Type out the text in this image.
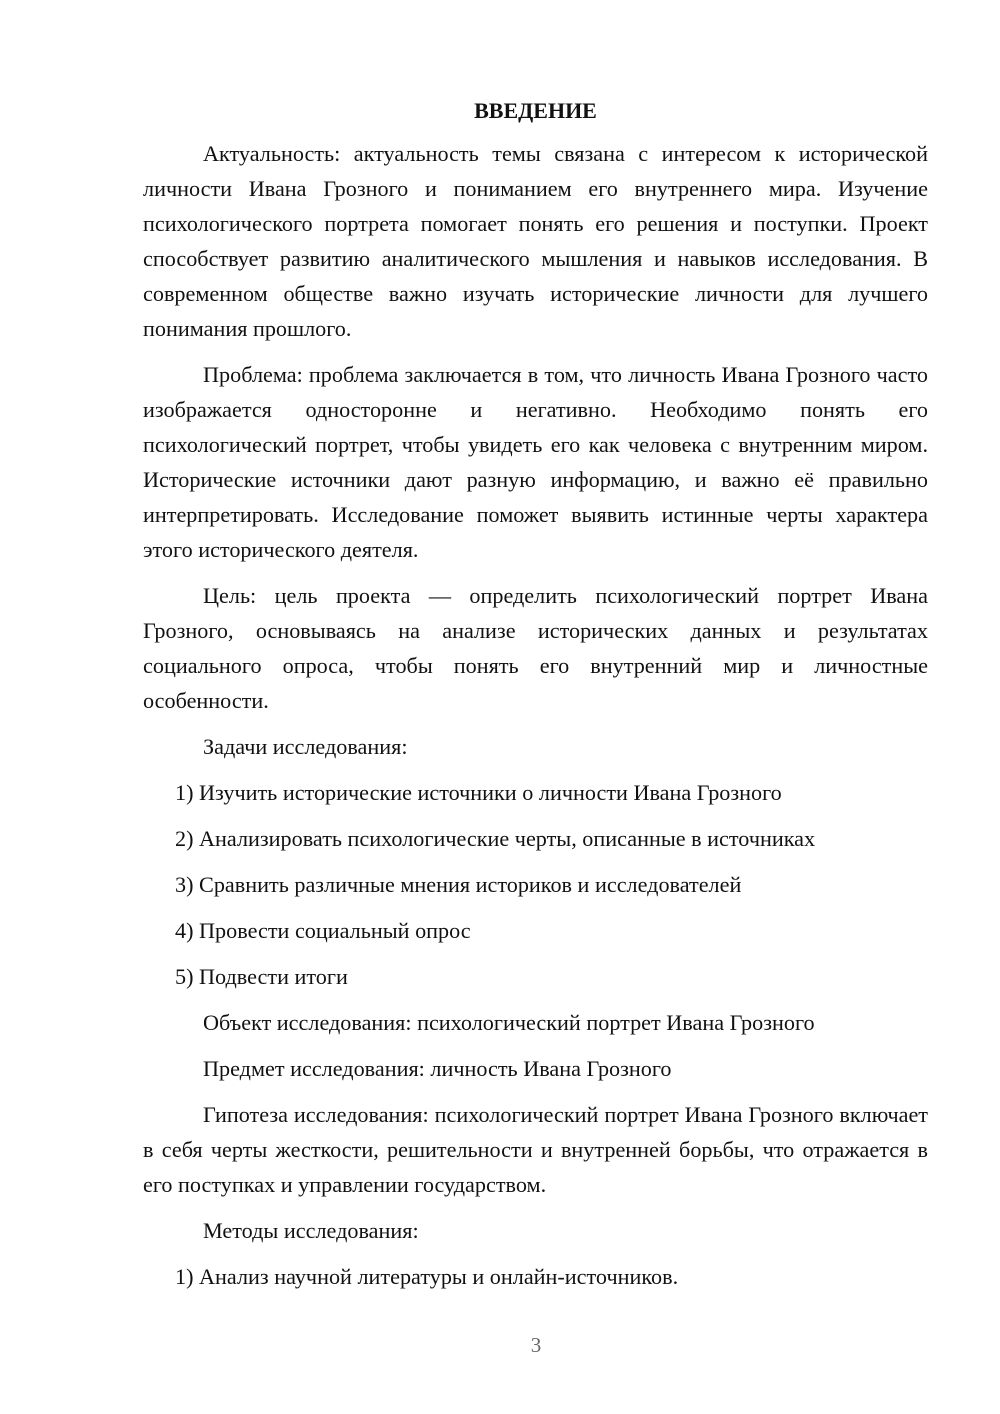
ВВЕДЕНИЕ

Актуальность: актуальность темы связана с интересом к исторической личности Ивана Грозного и пониманием его внутреннего мира. Изучение психологического портрета помогает понять его решения и поступки. Проект способствует развитию аналитического мышления и навыков исследования. В современном обществе важно изучать исторические личности для лучшего понимания прошлого.

Проблема: проблема заключается в том, что личность Ивана Грозного часто изображается односторонне и негативно. Необходимо понять его психологический портрет, чтобы увидеть его как человека с внутренним миром. Исторические источники дают разную информацию, и важно её правильно интерпретировать. Исследование поможет выявить истинные черты характера этого исторического деятеля.

Цель: цель проекта — определить психологический портрет Ивана Грозного, основываясь на анализе исторических данных и результатах социального опроса, чтобы понять его внутренний мир и личностные особенности.

Задачи исследования:
1) Изучить исторические источники о личности Ивана Грозного
2) Анализировать психологические черты, описанные в источниках
3) Сравнить различные мнения историков и исследователей
4) Провести социальный опрос
5) Подвести итоги
Объект исследования: психологический портрет Ивана Грозного
Предмет исследования: личность Ивана Грозного

Гипотеза исследования: психологический портрет Ивана Грозного включает в себя черты жесткости, решительности и внутренней борьбы, что отражается в его поступках и управлении государством.

Методы исследования:
1) Анализ научной литературы и онлайн-источников.
3
